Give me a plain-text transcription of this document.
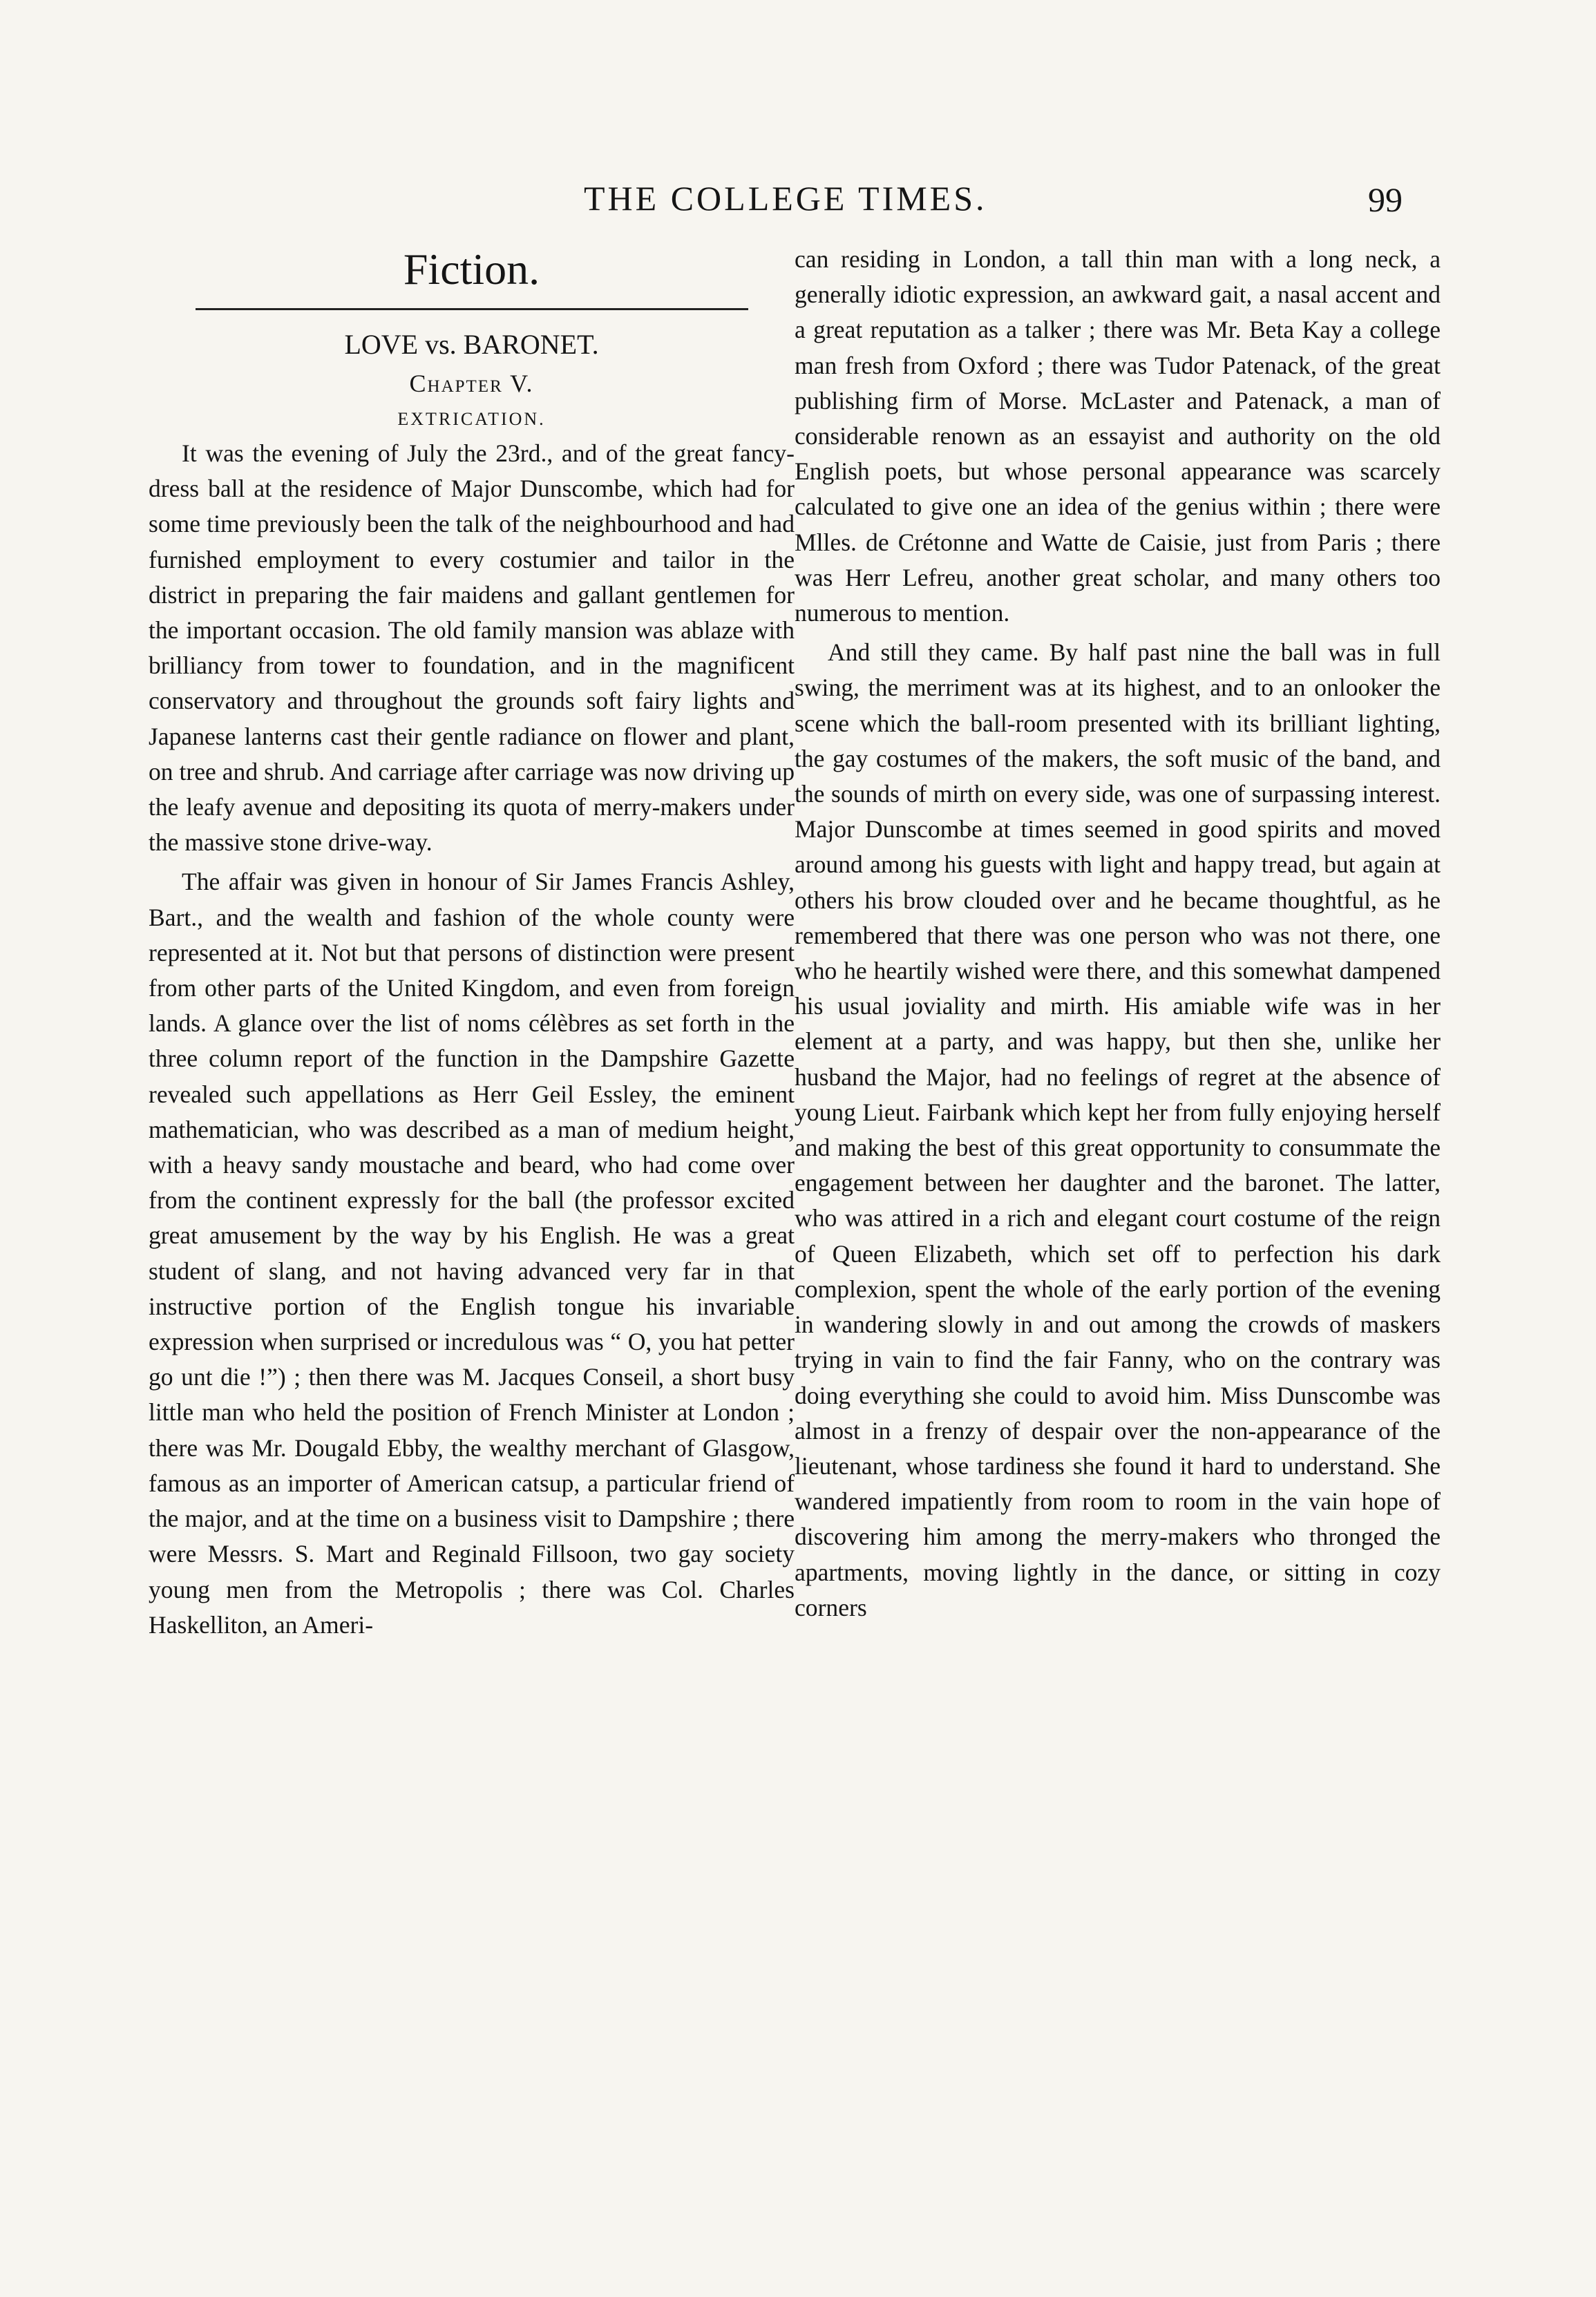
THE COLLEGE TIMES.	99
Fiction.
LOVE vs. BARONET.
Chapter V.
EXTRICATION.

It was the evening of July the 23rd., and of the great fancy-dress ball at the residence of Major Dunscombe, which had for some time previously been the talk of the neighbourhood and had furnished employment to every costumier and tailor in the district in preparing the fair maidens and gallant gentlemen for the important occasion. The old family mansion was ablaze with brilliancy from tower to foundation, and in the magnificent conservatory and throughout the grounds soft fairy lights and Japanese lanterns cast their gentle radiance on flower and plant, on tree and shrub. And carriage after carriage was now driving up the leafy avenue and depositing its quota of merry-makers under the massive stone drive-way.

The affair was given in honour of Sir James Francis Ashley, Bart., and the wealth and fashion of the whole county were represented at it. Not but that persons of distinction were present from other parts of the United Kingdom, and even from foreign lands. A glance over the list of noms célèbres as set forth in the three column report of the function in the Dampshire Gazette revealed such appellations as Herr Geil Essley, the eminent mathematician, who was described as a man of medium height, with a heavy sandy moustache and beard, who had come over from the continent expressly for the ball (the professor excited great amusement by the way by his English. He was a great student of slang, and not having advanced very far in that instructive portion of the English tongue his invariable expression when surprised or incredulous was “ O, you hat petter go unt die !”) ; then there was M. Jacques Conseil, a short busy little man who held the position of French Minister at London ; there was Mr. Dougald Ebby, the wealthy merchant of Glasgow, famous as an importer of American catsup, a particular friend of the major, and at the time on a business visit to Dampshire ; there were Messrs. S. Mart and Reginald Fillsoon, two gay society young men from the Metropolis ; there was Col. Charles Haskelliton, an Ameri-

can residing in London, a tall thin man with a long neck, a generally idiotic expression, an awkward gait, a nasal accent and a great reputation as a talker ; there was Mr. Beta Kay a college man fresh from Oxford ; there was Tudor Patenack, of the great publishing firm of Morse. McLaster and Patenack, a man of considerable renown as an essayist and authority on the old English poets, but whose personal appearance was scarcely calculated to give one an idea of the genius within ; there were Mlles. de Crétonne and Watte de Caisie, just from Paris ; there was Herr Lefreu, another great scholar, and many others too numerous to mention.

And still they came. By half past nine the ball was in full swing, the merriment was at its highest, and to an onlooker the scene which the ball-room presented with its brilliant lighting, the gay costumes of the makers, the soft music of the band, and the sounds of mirth on every side, was one of surpassing interest. Major Dunscombe at times seemed in good spirits and moved around among his guests with light and happy tread, but again at others his brow clouded over and he became thoughtful, as he remembered that there was one person who was not there, one who he heartily wished were there, and this somewhat dampened his usual joviality and mirth. His amiable wife was in her element at a party, and was happy, but then she, unlike her husband the Major, had no feelings of regret at the absence of young Lieut. Fairbank which kept her from fully enjoying herself and making the best of this great opportunity to consummate the engagement between her daughter and the baronet. The latter, who was attired in a rich and elegant court costume of the reign of Queen Elizabeth, which set off to perfection his dark complexion, spent the whole of the early portion of the evening in wandering slowly in and out among the crowds of maskers trying in vain to find the fair Fanny, who on the contrary was doing everything she could to avoid him. Miss Dunscombe was almost in a frenzy of despair over the non-appearance of the lieutenant, whose tardiness she found it hard to understand. She wandered impatiently from room to room in the vain hope of discovering him among the merry-makers who thronged the apartments, moving lightly in the dance, or sitting in cozy corners
